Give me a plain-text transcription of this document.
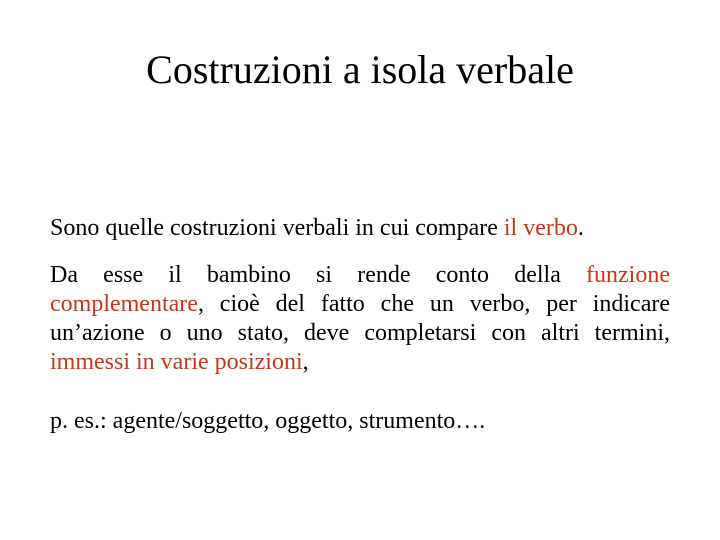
Costruzioni a isola verbale

Sono quelle costruzioni verbali in cui compare il verbo.

Da esse il bambino si rende conto della funzione complementare, cioè del fatto che un verbo, per indicare un’azione o uno stato, deve completarsi con altri termini, immessi in varie posizioni,

p. es.: agente/soggetto, oggetto, strumento….
